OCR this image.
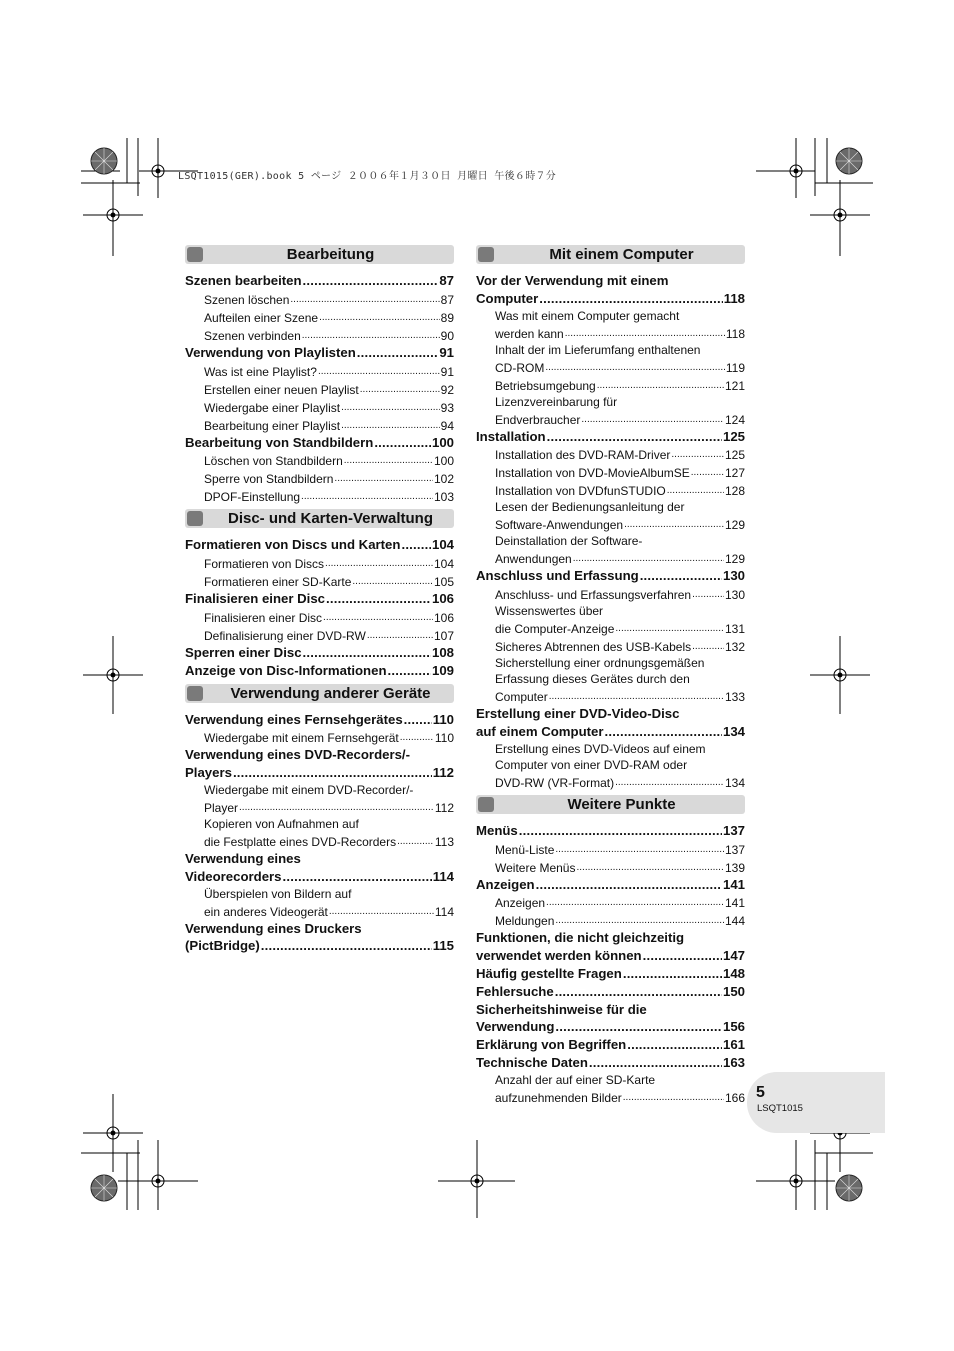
LSQT1015(GER).book 5 ページ ２００６年１月３０日 月曜日 午後６時７分
Bearbeitung
Szenen bearbeiten .....	87
Szenen löschen .....	87
Aufteilen einer Szene .....	89
Szenen verbinden .....	90
Verwendung von Playlisten .....	91
Was ist eine Playlist? .....	91
Erstellen einer neuen Playlist .....	92
Wiedergabe einer Playlist .....	93
Bearbeitung einer Playlist .....	94
Bearbeitung von Standbildern .....	100
Löschen von Standbildern .....	100
Sperre von Standbildern .....	102
DPOF-Einstellung .....	103
Disc- und Karten-Verwaltung
Formatieren von Discs und Karten ..... 104
Formatieren von Discs .....	104
Formatieren einer SD-Karte .....	105
Finalisieren einer Disc .....	106
Finalisieren einer Disc .....	106
Definalisierung einer DVD-RW .....	107
Sperren einer Disc .....	108
Anzeige von Disc-Informationen .....	109
Verwendung anderer Geräte
Verwendung eines Fernsehgerätes ..... 110
Wiedergabe mit einem Fernsehgerät .....	110
Verwendung eines DVD-Recorders/-
Players .....	112
Wiedergabe mit einem DVD-Recorder/-
Player .....	112
Kopieren von Aufnahmen auf
die Festplatte eines DVD-Recorders .....	113
Verwendung eines
Videorecorders .....	114
Überspielen von Bildern auf
ein anderes Videogerät .....	114
Verwendung eines Druckers
(PictBridge) .....	115
Mit einem Computer
Vor der Verwendung mit einem
Computer .....	118
Was mit einem Computer gemacht
werden kann .....	118
Inhalt der im Lieferumfang enthaltenen
CD-ROM .....	119
Betriebsumgebung .....	121
Lizenzvereinbarung für
Endverbraucher .....	124
Installation .....	125
Installation des DVD-RAM-Driver .....	125
Installation von DVD-MovieAlbumSE .....	127
Installation von DVDfunSTUDIO .....	128
Lesen der Bedienungsanleitung der
Software-Anwendungen .....	129
Deinstallation der Software-
Anwendungen .....	129
Anschluss und Erfassung .....	130
Anschluss- und Erfassungsverfahren .....	130
Wissenswertes über
die Computer-Anzeige .....	131
Sicheres Abtrennen des USB-Kabels .....	132
Sicherstellung einer ordnungsgemäßen
Erfassung dieses Gerätes durch den
Computer .....	133
Erstellung einer DVD-Video-Disc
auf einem Computer .....	134
Erstellung eines DVD-Videos auf einem
Computer von einer DVD-RAM oder
DVD-RW (VR-Format) .....	134
Weitere Punkte
Menüs .....	137
Menü-Liste .....	137
Weitere Menüs .....	139
Anzeigen .....	141
Anzeigen .....	141
Meldungen .....	144
Funktionen, die nicht gleichzeitig
verwendet werden können .....	147
Häufig gestellte Fragen .....	148
Fehlersuche .....	150
Sicherheitshinweise für die
Verwendung .....	156
Erklärung von Begriffen .....	161
Technische Daten .....	163
Anzahl der auf einer SD-Karte
aufzunehmenden Bilder .....	166 5
LSQT1015
